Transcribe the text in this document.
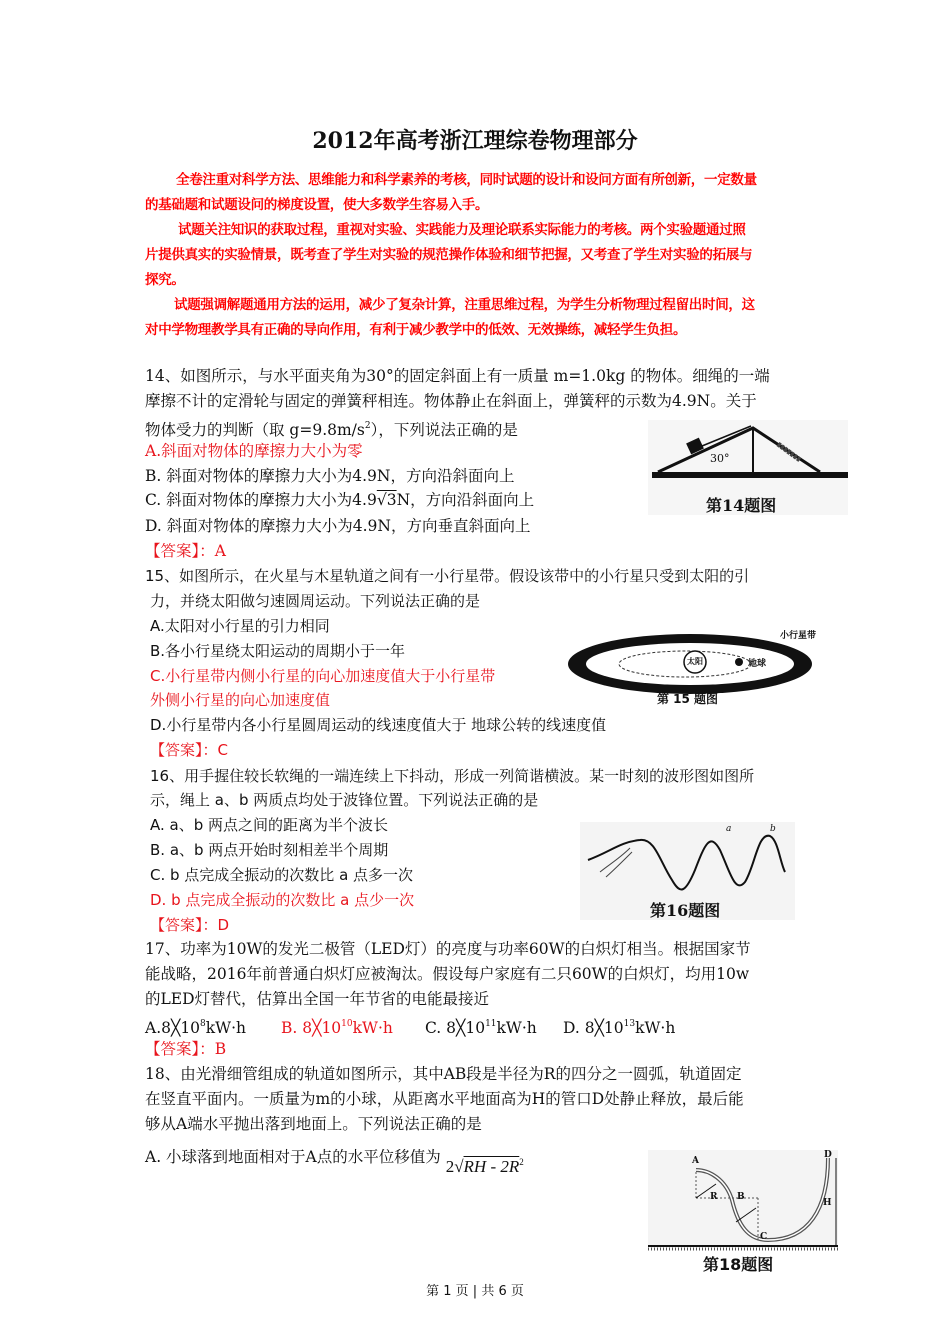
2012年高考浙江理综卷物理部分
全卷注重对科学方法、思维能力和科学素养的考核，同时试题的设计和设问方面有所创新，一定数量
的基础题和试题设问的梯度设置，使大多数学生容易入手。
试题关注知识的获取过程，重视对实验、实践能力及理论联系实际能力的考核。两个实验题通过照
片提供真实的实验情景，既考查了学生对实验的规范操作体验和细节把握，又考查了学生对实验的拓展与
探究。
试题强调解题通用方法的运用，减少了复杂计算，注重思维过程，为学生分析物理过程留出时间，这
对中学物理教学具有正确的导向作用，有利于减少教学中的低效、无效操练，减轻学生负担。
14、如图所示，与水平面夹角为30°的固定斜面上有一质量 m=1.0kg 的物体。细绳的一端
摩擦不计的定滑轮与固定的弹簧秤相连。物体静止在斜面上，弹簧秤的示数为4.9N。关于
物体受力的判断（取 $g=9.8m/s^2$），下列说法正确的是
A.斜面对物体的摩擦力大小为零
B. 斜面对物体的摩擦力大小为4.9N，方向沿斜面向上
C. 斜面对物体的摩擦力大小为4.9√3N，方向沿斜面向上
D. 斜面对物体的摩擦力大小为4.9N，方向垂直斜面向上
【答案】：A
30°
第14题图
15、如图所示，在火星与木星轨道之间有一小行星带。假设该带中的小行星只受到太阳的引
力，并绕太阳做匀速圆周运动。下列说法正确的是
A.太阳对小行星的引力相同
B.各小行星绕太阳运动的周期小于一年
C.小行星带内侧小行星的向心加速度值大于小行星带
外侧小行星的向心加速度值
D.小行星带内各小行星圆周运动的线速度值大于 地球公转的线速度值
【答案】：C
小行星带
太阳	地球
第 15 题图
16、用手握住较长软绳的一端连续上下抖动，形成一列简谐横波。某一时刻的波形图如图所
示，绳上 a、b 两质点均处于波锋位置。下列说法正确的是
A. a、b 两点之间的距离为半个波长
B. a、b 两点开始时刻相差半个周期
C. b 点完成全振动的次数比 a 点多一次
D. b 点完成全振动的次数比 a 点少一次
【答案】：D
a	b
第16题图
17、功率为10W的发光二极管（LED灯）的亮度与功率60W的白炽灯相当。根据国家节
能战略，2016年前普通白炽灯应被淘汰。假设每户家庭有二只60W的白炽灯，均用10w
的LED灯替代，估算出全国一年节省的电能最接近
$A.8╳10^8kW\cdot h$ B. $8╳10^{10}kW\cdot h$ C. $8╳10^{11}kW\cdot h$ D. $8╳10^{13}kW\cdot h$
【答案】：B
18、由光滑细管组成的轨道如图所示，其中AB段是半径为R的四分之一圆弧，轨道固定
在竖直平面内。一质量为m的小球，从距离水平地面高为H的管口D处静止释放，最后能
够从A端水平抛出落到地面上。下列说法正确的是
A. 小球落到地面相对于A点的水平位移值为 $2√RH - 2R^2$	A
B
C
D
R
H
第18题图
第 1 页 | 共 6 页
